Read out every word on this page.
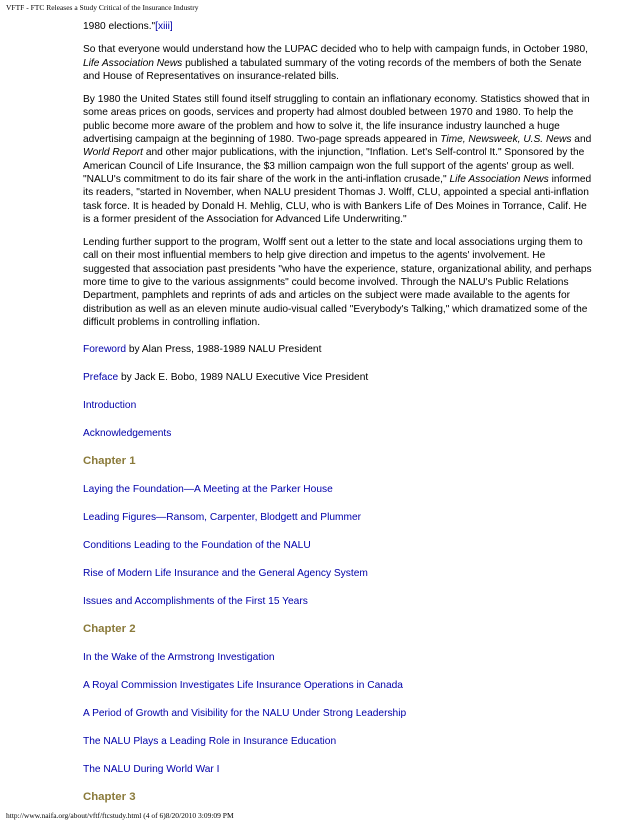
VFTF - FTC Releases a Study Critical of the Insurance Industry

1980 elections."[xiii]

So that everyone would understand how the LUPAC decided who to help with campaign funds, in October 1980, Life Association News published a tabulated summary of the voting records of the members of both the Senate and House of Representatives on insurance-related bills.

By 1980 the United States still found itself struggling to contain an inflationary economy. Statistics showed that in some areas prices on goods, services and property had almost doubled between 1970 and 1980. To help the public become more aware of the problem and how to solve it, the life insurance industry launched a huge advertising campaign at the beginning of 1980. Two-page spreads appeared in Time, Newsweek, U.S. News and World Report and other major publications, with the injunction, "Inflation. Let's Self-control It." Sponsored by the American Council of Life Insurance, the $3 million campaign won the full support of the agents' group as well. "NALU's commitment to do its fair share of the work in the anti-inflation crusade," Life Association News informed its readers, "started in November, when NALU president Thomas J. Wolff, CLU, appointed a special anti-inflation task force. It is headed by Donald H. Mehlig, CLU, who is with Bankers Life of Des Moines in Torrance, Calif. He is a former president of the Association for Advanced Life Underwriting."

Lending further support to the program, Wolff sent out a letter to the state and local associations urging them to call on their most influential members to help give direction and impetus to the agents' involvement. He suggested that association past presidents "who have the experience, stature, organizational ability, and perhaps more time to give to the various assignments" could become involved. Through the NALU's Public Relations Department, pamphlets and reprints of ads and articles on the subject were made available to the agents for distribution as well as an eleven minute audio-visual called "Everybody's Talking," which dramatized some of the difficult problems in controlling inflation.

Foreword by Alan Press, 1988-1989 NALU President
Preface by Jack E. Bobo, 1989 NALU Executive Vice President
Introduction
Acknowledgements
Chapter 1
Laying the Foundation—A Meeting at the Parker House
Leading Figures—Ransom, Carpenter, Blodgett and Plummer
Conditions Leading to the Foundation of the NALU
Rise of Modern Life Insurance and the General Agency System
Issues and Accomplishments of the First 15 Years
Chapter 2
In the Wake of the Armstrong Investigation
A Royal Commission Investigates Life Insurance Operations in Canada
A Period of Growth and Visibility for the NALU Under Strong Leadership
The NALU Plays a Leading Role in Insurance Education
The NALU During World War I
Chapter 3
http://www.naifa.org/about/vftf/ftcstudy.html (4 of 6)8/20/2010 3:09:09 PM
